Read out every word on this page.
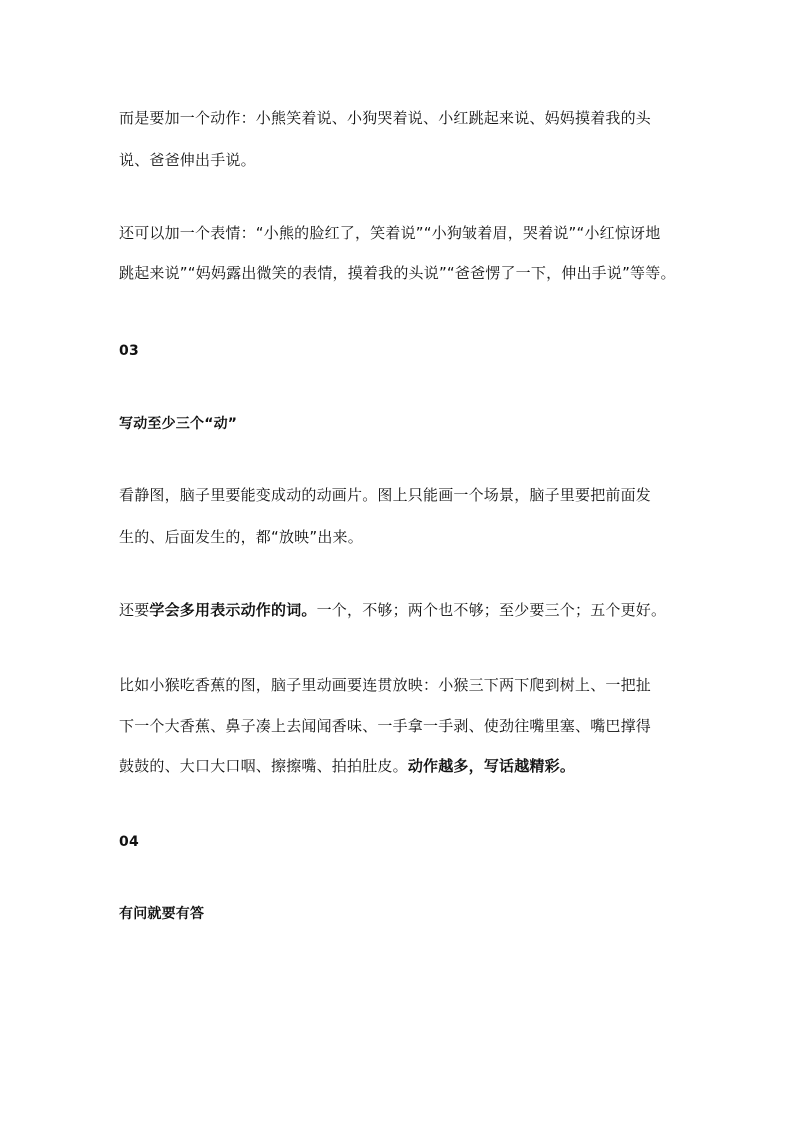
而是要加一个动作：小熊笑着说、小狗哭着说、小红跳起来说、妈妈摸着我的头
说、爸爸伸出手说。
还可以加一个表情：“小熊的脸红了，笑着说”“小狗皱着眉，哭着说”“小红惊讶地
跳起来说”“妈妈露出微笑的表情，摸着我的头说”“爸爸愣了一下，伸出手说”等等。
03
写动至少三个“动”
看静图，脑子里要能变成动的动画片。图上只能画一个场景，脑子里要把前面发
生的、后面发生的，都“放映”出来。
还要学会多用表示动作的词。一个，不够；两个也不够；至少要三个；五个更好。
比如小猴吃香蕉的图，脑子里动画要连贯放映：小猴三下两下爬到树上、一把扯
下一个大香蕉、鼻子凑上去闻闻香味、一手拿一手剥、使劲往嘴里塞、嘴巴撑得
鼓鼓的、大口大口咽、擦擦嘴、拍拍肚皮。动作越多，写话越精彩。
04
有问就要有答
